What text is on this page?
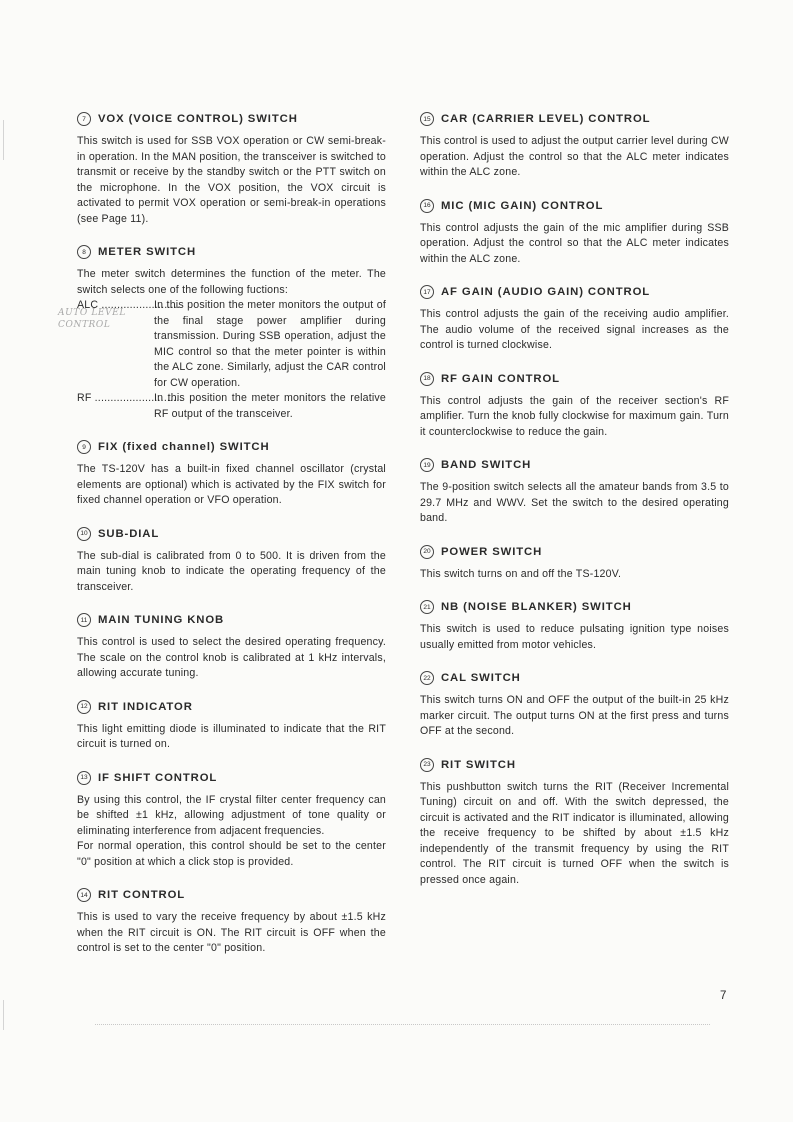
7	VOX (VOICE CONTROL) SWITCH

This switch is used for SSB VOX operation or CW semi-break-in operation. In the MAN position, the transceiver is switched to transmit or receive by the standby switch or the PTT switch on the microphone. In the VOX position, the VOX circuit is activated to permit VOX operation or semi-break-in operations (see Page 11).

8	METER SWITCH

The meter switch determines the function of the meter. The switch selects one of the following fuctions:

ALC .........................
In this position the meter monitors the output of the final stage power amplifier during transmission. During SSB operation, adjust the MIC control so that the meter pointer is within the ALC zone. Similarly, adjust the CAR control for CW operation.
RF ............................
In this position the meter monitors the relative RF output of the transceiver.
9	FIX (fixed channel) SWITCH

The TS-120V has a built-in fixed channel oscillator (crystal elements are optional) which is activated by the FIX switch for fixed channel operation or VFO operation.

10 SUB-DIAL

The sub-dial is calibrated from 0 to 500. It is driven from the main tuning knob to indicate the operating frequency of the transceiver.

11 MAIN TUNING KNOB

This control is used to select the desired operating frequency. The scale on the control knob is calibrated at 1 kHz intervals, allowing accurate tuning.

12 RIT INDICATOR

This light emitting diode is illuminated to indicate that the RIT circuit is turned on.

13 IF SHIFT CONTROL

By using this control, the IF crystal filter center frequency can be shifted ±1 kHz, allowing adjustment of tone quality or eliminating interference from adjacent frequencies.

For normal operation, this control should be set to the center "0" position at which a click stop is provided.

14 RIT CONTROL

This is used to vary the receive frequency by about ±1.5 kHz when the RIT circuit is ON. The RIT circuit is OFF when the control is set to the center "0" position.

15 CAR (CARRIER LEVEL) CONTROL

This control is used to adjust the output carrier level during CW operation. Adjust the control so that the ALC meter indicates within the ALC zone.

16 MIC (MIC GAIN) CONTROL

This control adjusts the gain of the mic amplifier during SSB operation. Adjust the control so that the ALC meter indicates within the ALC zone.

17 AF GAIN (AUDIO GAIN) CONTROL

This control adjusts the gain of the receiving audio amplifier. The audio volume of the received signal increases as the control is turned clockwise.

18 RF GAIN CONTROL

This control adjusts the gain of the receiver section's RF amplifier. Turn the knob fully clockwise for maximum gain. Turn it counterclockwise to reduce the gain.

19 BAND SWITCH

The 9-position switch selects all the amateur bands from 3.5 to 29.7 MHz and WWV. Set the switch to the desired operating band.

20 POWER SWITCH

This switch turns on and off the TS-120V.

21 NB (NOISE BLANKER) SWITCH

This switch is used to reduce pulsating ignition type noises usually emitted from motor vehicles.

22 CAL SWITCH

This switch turns ON and OFF the output of the built-in 25 kHz marker circuit. The output turns ON at the first press and turns OFF at the second.

23 RIT SWITCH

This pushbutton switch turns the RIT (Receiver Incremental Tuning) circuit on and off. With the switch depressed, the circuit is activated and the RIT indicator is illuminated, allowing the receive frequency to be shifted by about ±1.5 kHz independently of the transmit frequency by using the RIT control. The RIT circuit is turned OFF when the switch is pressed once again.

AUTO LEVEL
CONTROL
7
